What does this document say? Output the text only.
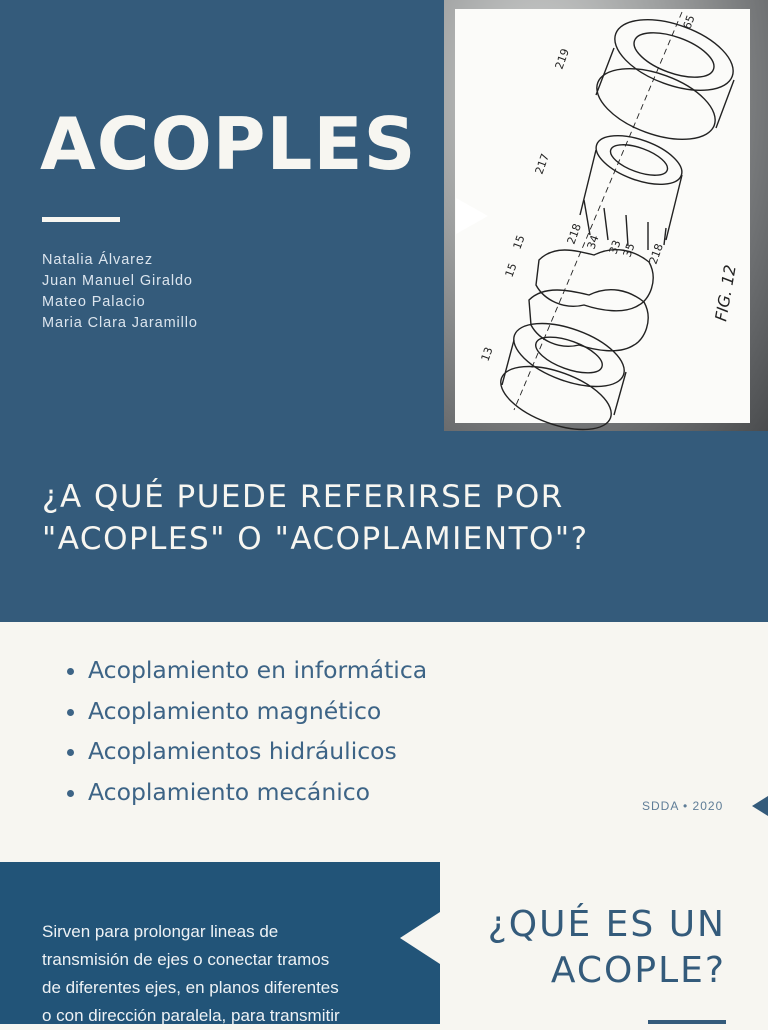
ACOPLES
Natalia Álvarez
Juan Manuel Giraldo
Mateo Palacio
Maria Clara Jaramillo
219
65
217
218 34 33
35
15
15
218
13
FIG. 12
¿A QUÉ PUEDE REFERIRSE POR
"ACOPLES" O "ACOPLAMIENTO"?
• Acoplamiento en informática
• Acoplamiento magnético
• Acoplamientos hidráulicos
• Acoplamiento mecánico
SDDA • 2020

Sirven para prolongar lineas de
transmisión de ejes o conectar tramos
de diferentes ejes, en planos diferentes
o con dirección paralela, para transmitir

¿QUÉ ES UN
ACOPLE?
